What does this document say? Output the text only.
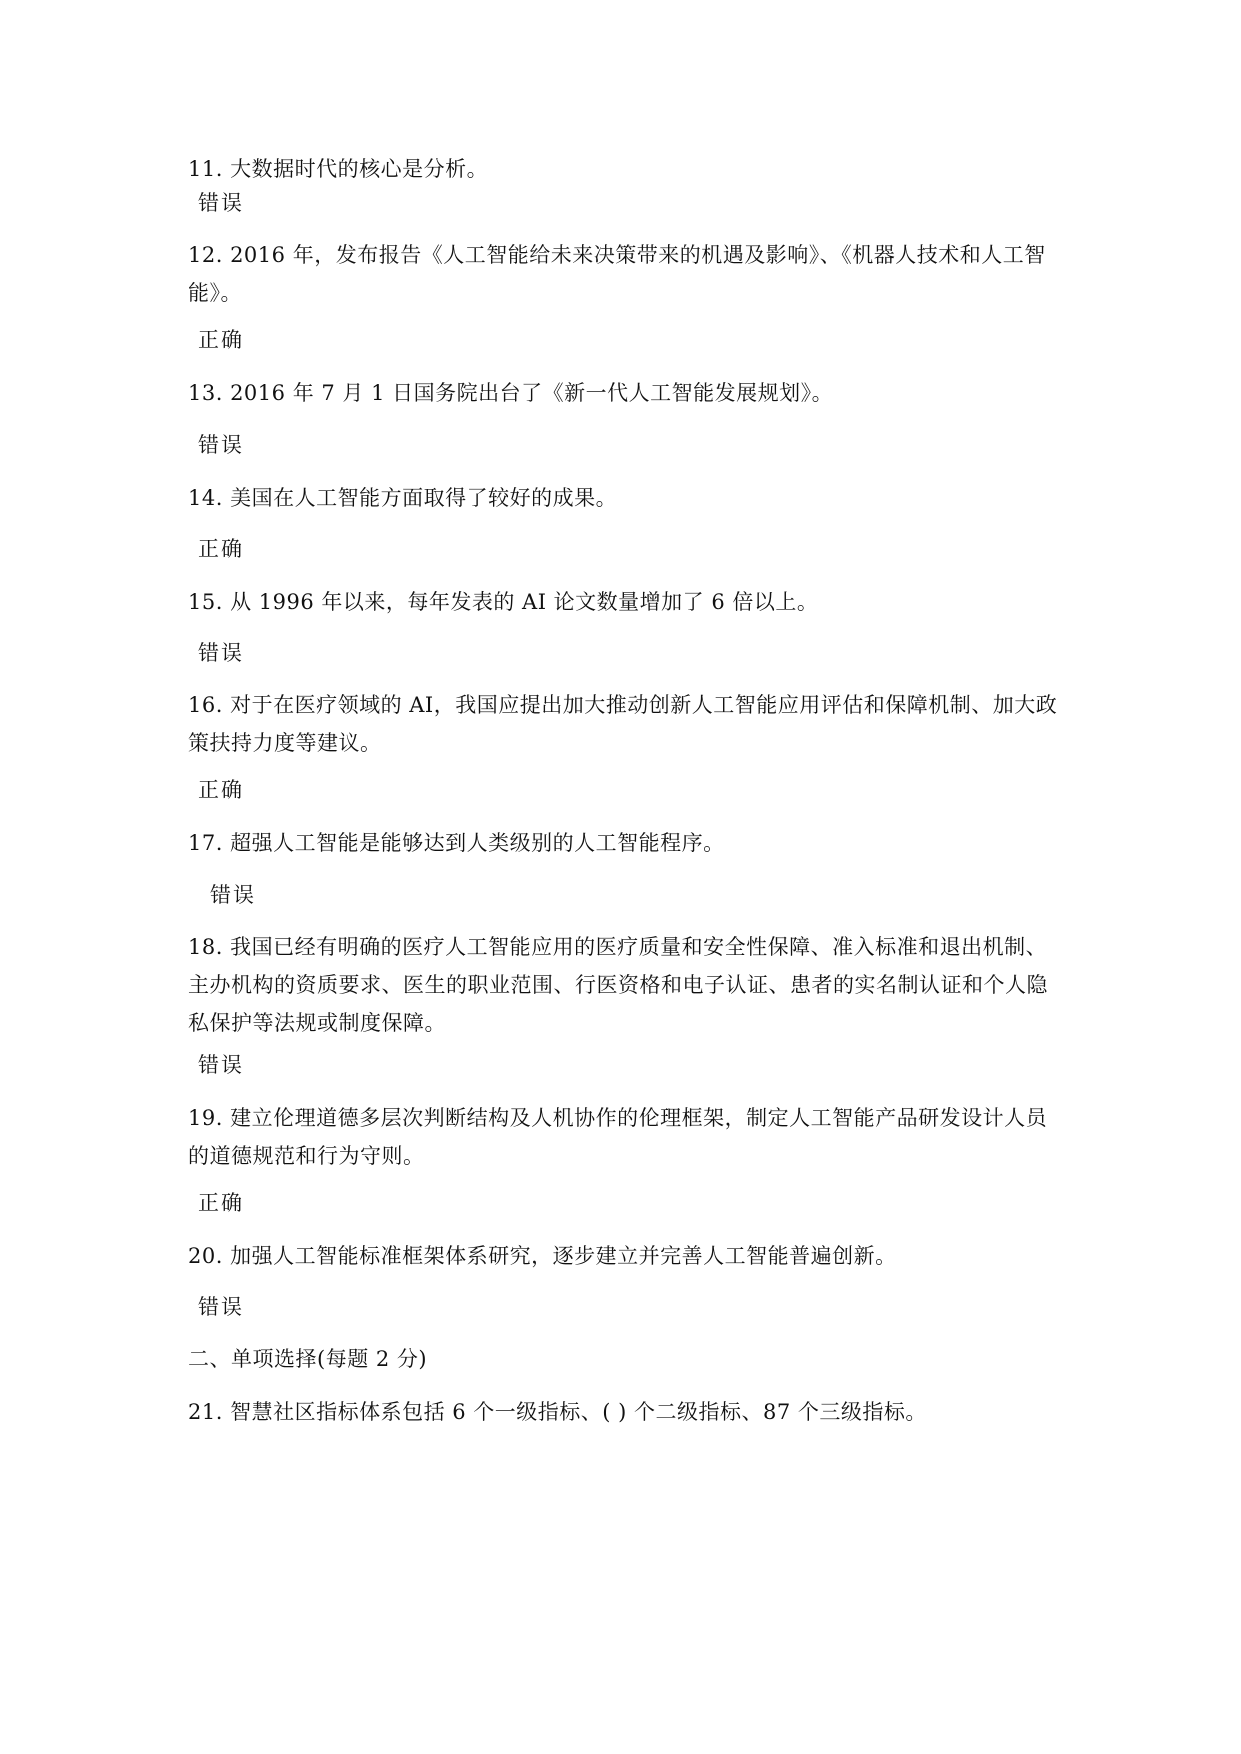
11. 大数据时代的核心是分析。
错误
12. 2016 年，发布报告《人工智能给未来决策带来的机遇及影响》、《机器人技术和人工智能》。
正确
13. 2016 年 7 月 1 日国务院出台了《新一代人工智能发展规划》。
错误
14. 美国在人工智能方面取得了较好的成果。
正确
15. 从 1996 年以来，每年发表的 AI 论文数量增加了 6 倍以上。
错误
16. 对于在医疗领域的 AI，我国应提出加大推动创新人工智能应用评估和保障机制、加大政策扶持力度等建议。
正确
17. 超强人工智能是能够达到人类级别的人工智能程序。
错误
18. 我国已经有明确的医疗人工智能应用的医疗质量和安全性保障、准入标准和退出机制、主办机构的资质要求、医生的职业范围、行医资格和电子认证、患者的实名制认证和个人隐私保护等法规或制度保障。
错误
19. 建立伦理道德多层次判断结构及人机协作的伦理框架，制定人工智能产品研发设计人员的道德规范和行为守则。
正确
20. 加强人工智能标准框架体系研究，逐步建立并完善人工智能普遍创新。
错误
二、单项选择(每题 2 分)
21. 智慧社区指标体系包括 6 个一级指标、( ) 个二级指标、87 个三级指标。
